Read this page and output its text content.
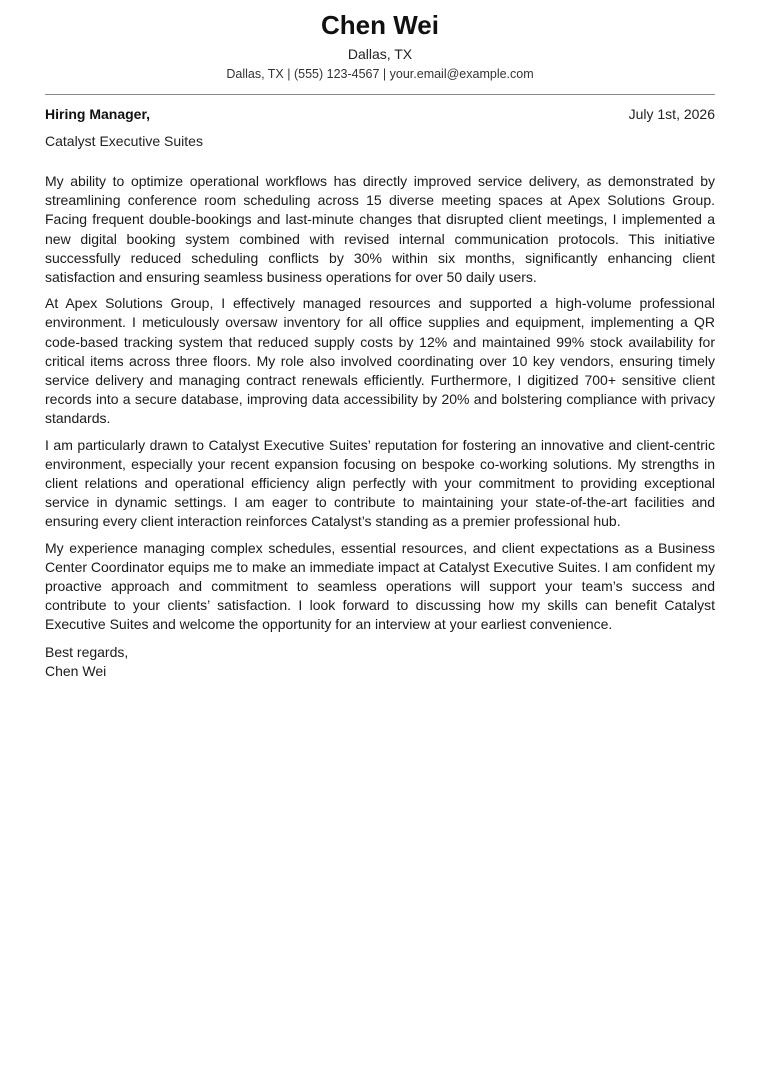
Chen Wei
Dallas, TX
Dallas, TX | (555) 123-4567 | your.email@example.com
Hiring Manager,	July 1st, 2026
Catalyst Executive Suites

My ability to optimize operational workflows has directly improved service delivery, as demonstrated by streamlining conference room scheduling across 15 diverse meeting spaces at Apex Solutions Group. Facing frequent double-bookings and last-minute changes that disrupted client meetings, I implemented a new digital booking system combined with revised internal communication protocols. This initiative successfully reduced scheduling conflicts by 30% within six months, significantly enhancing client satisfaction and ensuring seamless business operations for over 50 daily users.

At Apex Solutions Group, I effectively managed resources and supported a high-volume professional environment. I meticulously oversaw inventory for all office supplies and equipment, implementing a QR code-based tracking system that reduced supply costs by 12% and maintained 99% stock availability for critical items across three floors. My role also involved coordinating over 10 key vendors, ensuring timely service delivery and managing contract renewals efficiently. Furthermore, I digitized 700+ sensitive client records into a secure database, improving data accessibility by 20% and bolstering compliance with privacy standards.

I am particularly drawn to Catalyst Executive Suites’ reputation for fostering an innovative and client-centric environment, especially your recent expansion focusing on bespoke co-working solutions. My strengths in client relations and operational efficiency align perfectly with your commitment to providing exceptional service in dynamic settings. I am eager to contribute to maintaining your state-of-the-art facilities and ensuring every client interaction reinforces Catalyst’s standing as a premier professional hub.

My experience managing complex schedules, essential resources, and client expectations as a Business Center Coordinator equips me to make an immediate impact at Catalyst Executive Suites. I am confident my proactive approach and commitment to seamless operations will support your team’s success and contribute to your clients’ satisfaction. I look forward to discussing how my skills can benefit Catalyst Executive Suites and welcome the opportunity for an interview at your earliest convenience.

Best regards,
Chen Wei
